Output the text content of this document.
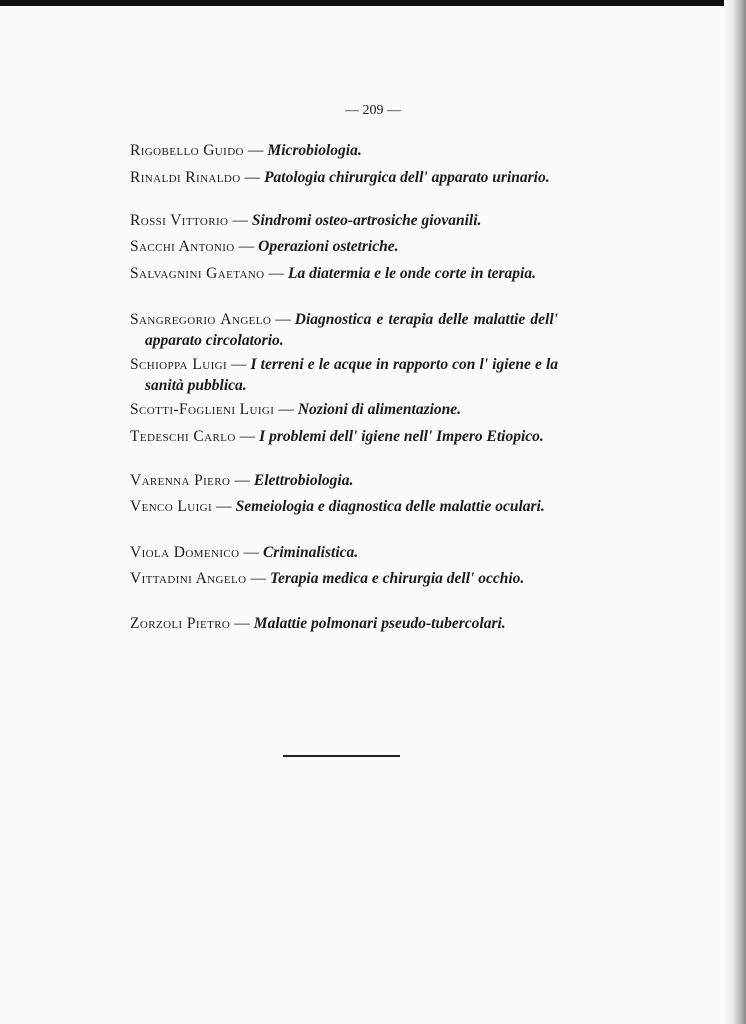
— 209 —
Rigobello Guido — Microbiologia.
Rinaldi Rinaldo — Patologia chirurgica dell' apparato urinario.
Rossi Vittorio — Sindromi osteo-artrosiche giovanili.
Sacchi Antonio — Operazioni ostetriche.
Salvagnini Gaetano — La diatermia e le onde corte in terapia.
Sangregorio Angelo — Diagnostica e terapia delle malattie dell' apparato circolatorio.
Schioppa Luigi — I terreni e le acque in rapporto con l' igiene e la sanità pubblica.
Scotti-Foglieni Luigi — Nozioni di alimentazione.
Tedeschi Carlo — I problemi dell' igiene nell' Impero Etiopico.
Varenna Piero — Elettrobiologia.
Venco Luigi — Semeiologia e diagnostica delle malattie oculari.
Viola Domenico — Criminalistica.
Vittadini Angelo — Terapia medica e chirurgia dell' occhio.
Zorzoli Pietro — Malattie polmonari pseudo-tubercolari.
